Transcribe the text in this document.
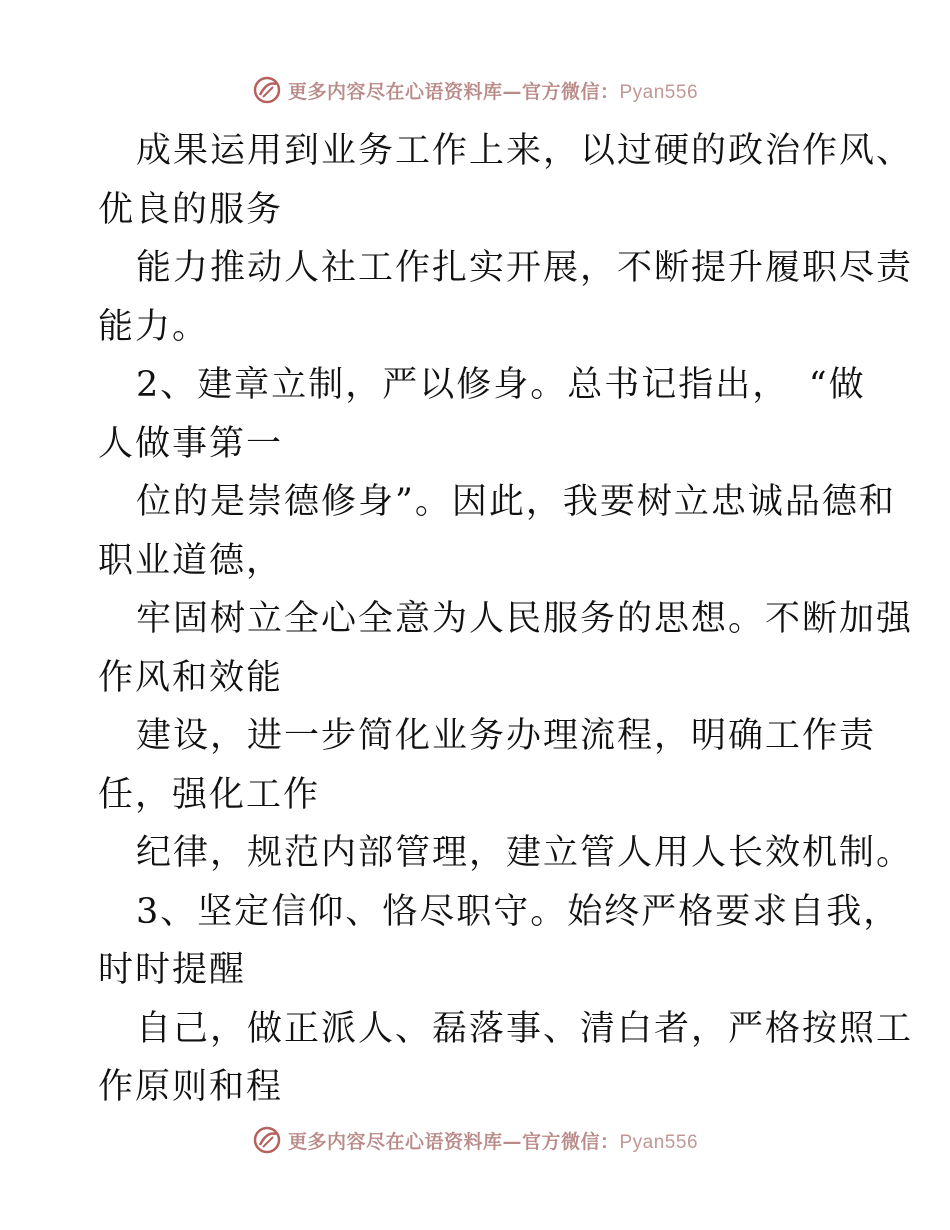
更多内容尽在心语资料库—官方微信：Pyan556
成果运用到业务工作上来，以过硬的政治作风、
优良的服务
能力推动人社工作扎实开展，不断提升履职尽责
能力。
2、建章立制，严以修身。总书记指出，　“做
人做事第一
位的是崇德修身”。因此，我要树立忠诚品德和
职业道德，
牢固树立全心全意为人民服务的思想。不断加强
作风和效能
建设，进一步简化业务办理流程，明确工作责
任，强化工作
纪律，规范内部管理，建立管人用人长效机制。
3、坚定信仰、恪尽职守。始终严格要求自我，
时时提醒
自己，做正派人、磊落事、清白者，严格按照工
作原则和程
更多内容尽在心语资料库—官方微信：Pyan556
